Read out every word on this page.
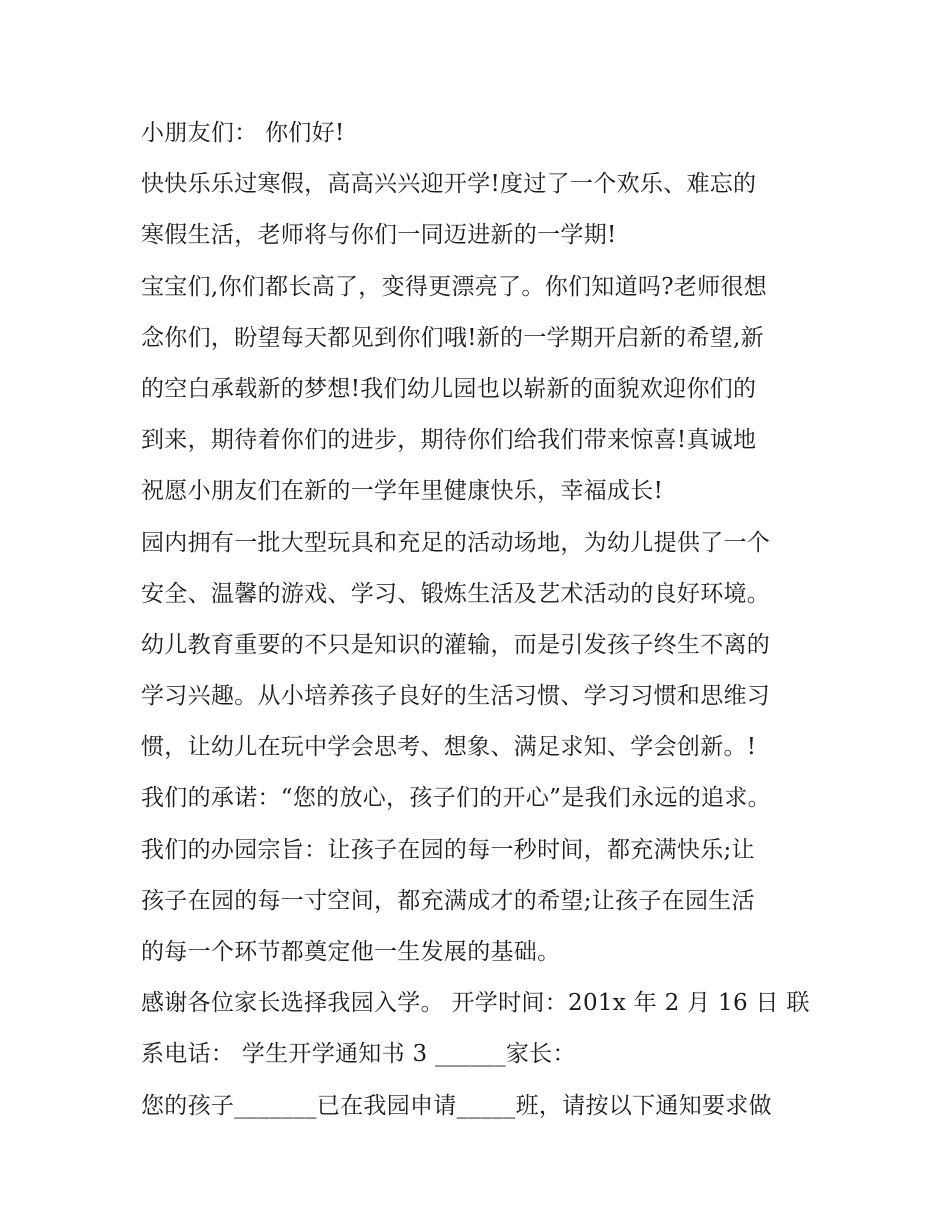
小朋友们： 你们好!
快快乐乐过寒假，高高兴兴迎开学!度过了一个欢乐、难忘的
寒假生活，老师将与你们一同迈进新的一学期!
宝宝们,你们都长高了，变得更漂亮了。你们知道吗?老师很想
念你们，盼望每天都见到你们哦!新的一学期开启新的希望,新
的空白承载新的梦想!我们幼儿园也以崭新的面貌欢迎你们的
到来，期待着你们的进步，期待你们给我们带来惊喜!真诚地
祝愿小朋友们在新的一学年里健康快乐，幸福成长!
园内拥有一批大型玩具和充足的活动场地，为幼儿提供了一个
安全、温馨的游戏、学习、锻炼生活及艺术活动的良好环境。
幼儿教育重要的不只是知识的灌输，而是引发孩子终生不离的
学习兴趣。从小培养孩子良好的生活习惯、学习习惯和思维习
惯，让幼儿在玩中学会思考、想象、满足求知、学会创新。!
我们的承诺：“您的放心，孩子们的开心”是我们永远的追求。
我们的办园宗旨：让孩子在园的每一秒时间，都充满快乐;让
孩子在园的每一寸空间，都充满成才的希望;让孩子在园生活
的每一个环节都奠定他一生发展的基础。
感谢各位家长选择我园入学。 开学时间：201x 年 2 月 16 日 联
系电话： 学生开学通知书 3 ______家长：
您的孩子_______已在我园申请_____班，请按以下通知要求做
